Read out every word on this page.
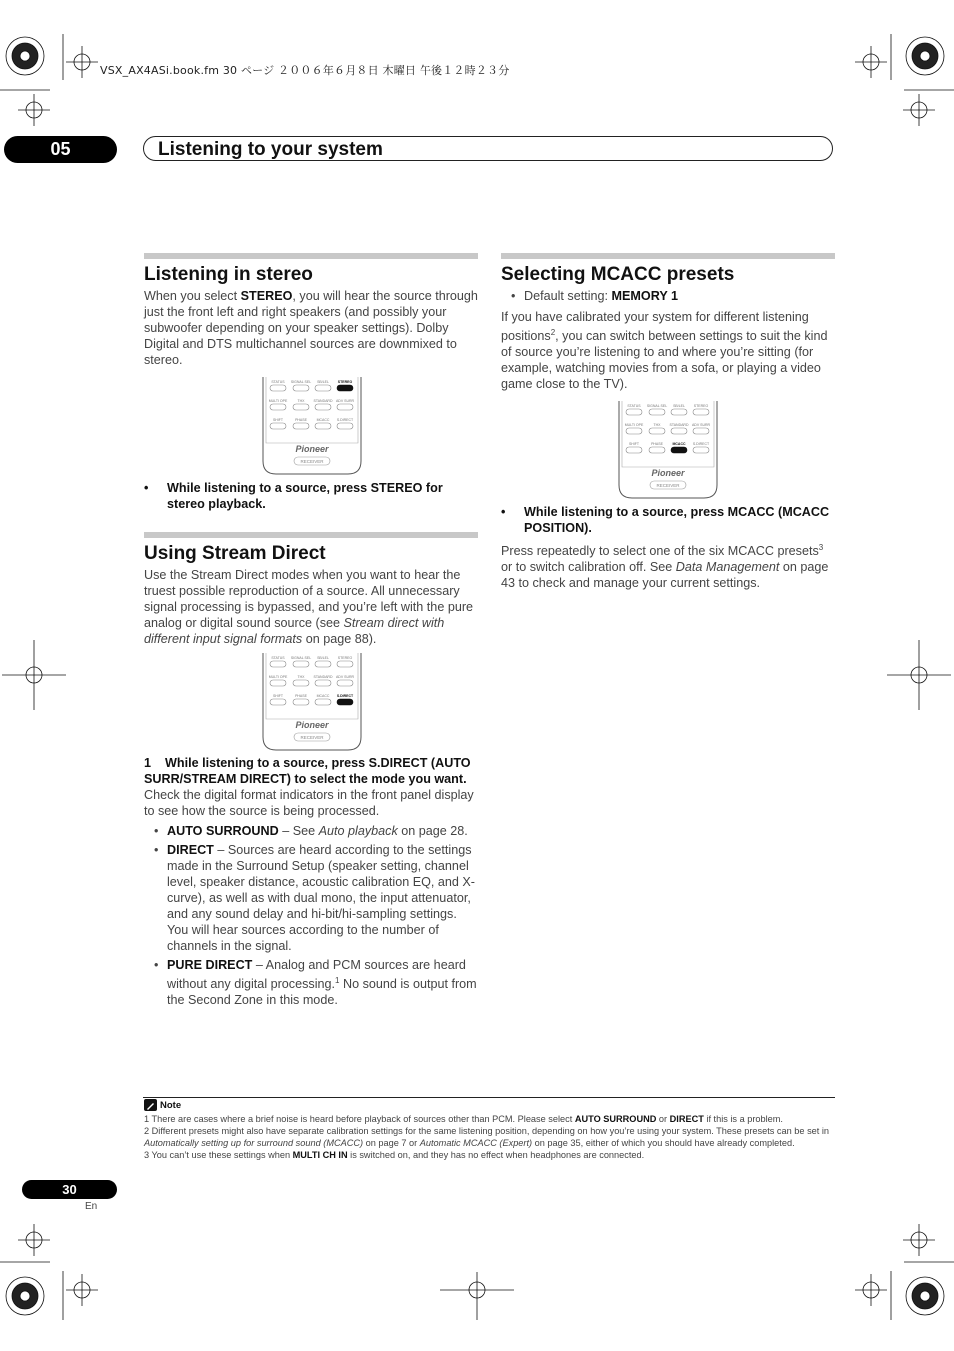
VSX_AX4ASi.book.fm 30 ページ ２００６年６月８日 木曜日 午後１２時２３分
05	Listening to your system
Listening in stereo
When you select STEREO, you will hear the source through just the front left and right speakers (and possibly your subwoofer depending on your speaker settings). Dolby Digital and DTS multichannel sources are downmixed to stereo.
STATUS SIGNAL SEL SB/LEL	STEREO
MULTI OPE	THX	STANDARD ADV SURR
SHIFT	PHASE	MCACC S.DIRECT
Pioneer
RECEIVER
• While listening to a source, press STEREO for stereo playback.
Using Stream Direct
Use the Stream Direct modes when you want to hear the truest possible reproduction of a source. All unnecessary signal processing is bypassed, and you’re left with the pure analog or digital sound source (see Stream direct with different input signal formats on page 88).
STATUS SIGNAL SEL SB/LEL	STEREO
MULTI OPE	THX	STANDARD ADV SURR
SHIFT	PHASE	MCACC S.DIRECT
Pioneer
RECEIVER
1 While listening to a source, press S.DIRECT (AUTO SURR/STREAM DIRECT) to select the mode you want.
Check the digital format indicators in the front panel display to see how the source is being processed.
• AUTO SURROUND – See Auto playback on page 28.
• DIRECT – Sources are heard according to the settings made in the Surround Setup (speaker setting, channel level, speaker distance, acoustic calibration EQ, and X-curve), as well as with dual mono, the input attenuator, and any sound delay and hi-bit/hi-sampling settings. You will hear sources according to the number of channels in the signal.
• PURE DIRECT – Analog and PCM sources are heard without any digital processing.$^1$ No sound is output from the Second Zone in this mode.
Selecting MCACC presets
• Default setting: MEMORY 1
If you have calibrated your system for different listening positions$^2$, you can switch between settings to suit the kind of source you’re listening to and where you’re sitting (for example, watching movies from a sofa, or playing a video game close to the TV).
STATUS SIGNAL SEL SB/LEL	STEREO
MULTI OPE	THX	STANDARD ADV SURR
SHIFT	PHASE	MCACC S.DIRECT
Pioneer
RECEIVER
• While listening to a source, press MCACC (MCACC POSITION).
Press repeatedly to select one of the six MCACC presets$^3$ or to switch calibration off. See Data Management on page 43 to check and manage your current settings.
Note
1 There are cases where a brief noise is heard before playback of sources other than PCM. Please select AUTO SURROUND or DIRECT if this is a problem.
2 Different presets might also have separate calibration settings for the same listening position, depending on how you’re using your system. These presets can be set in Automatically setting up for surround sound (MCACC) on page 7 or Automatic MCACC (Expert) on page 35, either of which you should have already completed.
3 You can’t use these settings when MULTI CH IN is switched on, and they has no effect when headphones are connected.
30
En
